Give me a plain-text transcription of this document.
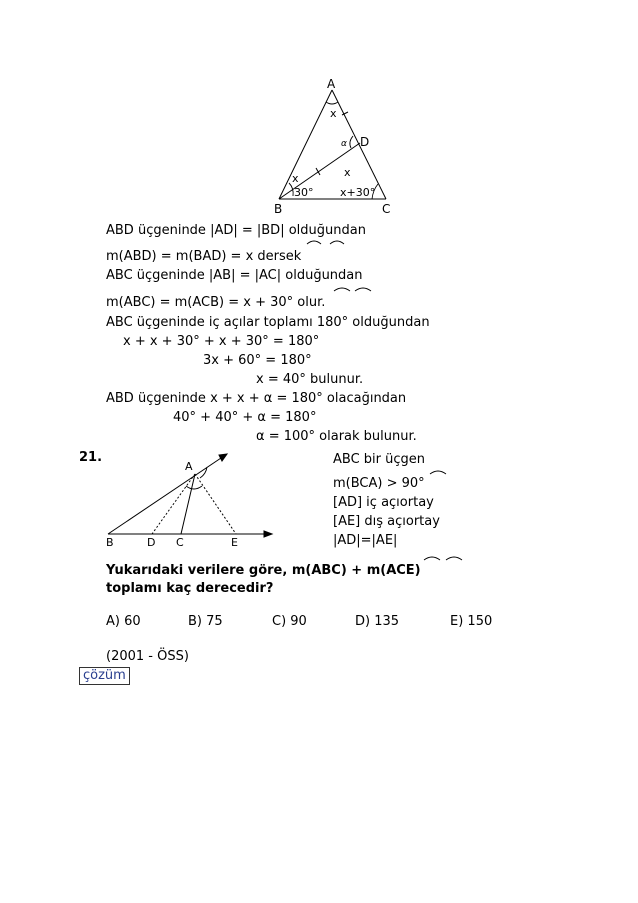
A
B	C
D
x
x
x
α
30° x+30°
ABD üçgeninde |AD| = |BD| olduğundan
m(ABD) = m(BAD) = x dersek
ABC üçgeninde |AB| = |AC| olduğundan
m(ABC) = m(ACB) = x + 30° olur.
ABC üçgeninde iç açılar toplamı 180° olduğundan
x + x + 30° + x + 30° = 180°
3x + 60° = 180°
x = 40° bulunur.
ABD üçgeninde x + x + α = 180° olacağından
40° + 40° + α = 180°
α = 100° olarak bulunur.
21.
A
B	D C	E
ABC bir üçgen
m(BCA) > 90°
[AD] iç açıortay
[AE] dış açıortay
|AD|=|AE|
Yukarıdaki verilere göre, m(ABC) + m(ACE)
toplamı kaç derecedir?
A) 60	B) 75	C) 90	D) 135	E) 150
(2001 - ÖSS)
çözüm
